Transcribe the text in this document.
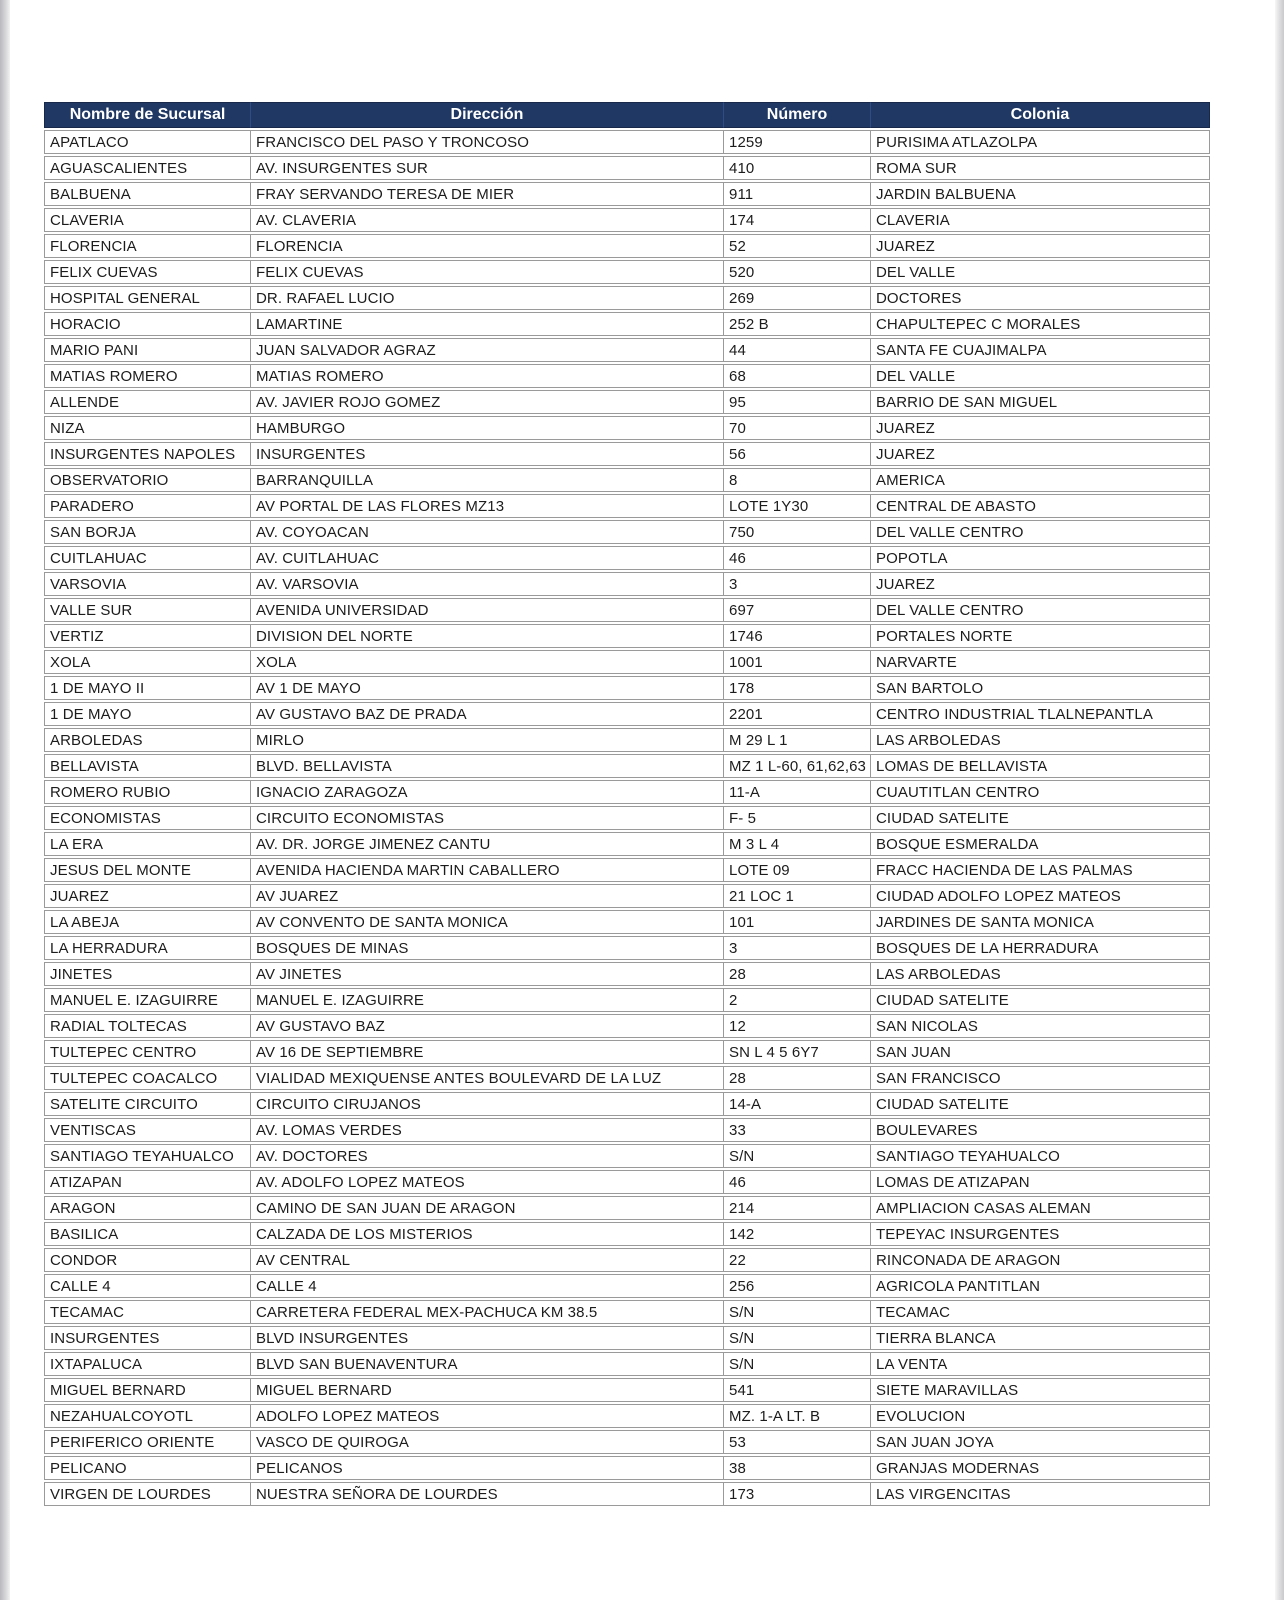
Nombre de Sucursal	Dirección	Número	Colonia
APATLACO	FRANCISCO DEL PASO Y TRONCOSO	1259	PURISIMA ATLAZOLPA
AGUASCALIENTES	AV. INSURGENTES SUR	410	ROMA SUR
BALBUENA	FRAY SERVANDO TERESA DE MIER	911	JARDIN BALBUENA
CLAVERIA	AV. CLAVERIA	174	CLAVERIA
FLORENCIA	FLORENCIA	52	JUAREZ
FELIX CUEVAS	FELIX CUEVAS	520	DEL VALLE
HOSPITAL GENERAL	DR. RAFAEL LUCIO	269	DOCTORES
HORACIO	LAMARTINE	252 B	CHAPULTEPEC C MORALES
MARIO PANI	JUAN SALVADOR AGRAZ	44	SANTA FE CUAJIMALPA
MATIAS ROMERO	MATIAS ROMERO	68	DEL VALLE
ALLENDE	AV. JAVIER ROJO GOMEZ	95	BARRIO DE SAN MIGUEL
NIZA	HAMBURGO	70	JUAREZ
INSURGENTES NAPOLES	INSURGENTES	56	JUAREZ
OBSERVATORIO	BARRANQUILLA	8	AMERICA
PARADERO	AV PORTAL DE LAS FLORES MZ13	LOTE 1Y30	CENTRAL DE ABASTO
SAN BORJA	AV. COYOACAN	750	DEL VALLE CENTRO
CUITLAHUAC	AV. CUITLAHUAC	46	POPOTLA
VARSOVIA	AV. VARSOVIA	3	JUAREZ
VALLE SUR	AVENIDA UNIVERSIDAD	697	DEL VALLE CENTRO
VERTIZ	DIVISION DEL NORTE	1746	PORTALES NORTE
XOLA	XOLA	1001	NARVARTE
1 DE MAYO II	AV 1 DE MAYO	178	SAN BARTOLO
1 DE MAYO	AV GUSTAVO BAZ DE PRADA	2201	CENTRO INDUSTRIAL TLALNEPANTLA
ARBOLEDAS	MIRLO	M 29 L 1	LAS ARBOLEDAS
BELLAVISTA	BLVD. BELLAVISTA	MZ 1 L-60, 61,62,63	LOMAS DE BELLAVISTA
ROMERO RUBIO	IGNACIO ZARAGOZA	11-A	CUAUTITLAN CENTRO
ECONOMISTAS	CIRCUITO ECONOMISTAS	F- 5	CIUDAD SATELITE
LA ERA	AV. DR. JORGE JIMENEZ CANTU	M 3 L 4	BOSQUE ESMERALDA
JESUS DEL MONTE	AVENIDA HACIENDA MARTIN CABALLERO	LOTE 09	FRACC HACIENDA DE LAS PALMAS
JUAREZ	AV JUAREZ	21 LOC 1	CIUDAD ADOLFO LOPEZ MATEOS
LA ABEJA	AV CONVENTO DE SANTA MONICA	101	JARDINES DE SANTA MONICA
LA HERRADURA	BOSQUES DE MINAS	3	BOSQUES DE LA HERRADURA
JINETES	AV JINETES	28	LAS ARBOLEDAS
MANUEL E. IZAGUIRRE	MANUEL E. IZAGUIRRE	2	CIUDAD SATELITE
RADIAL TOLTECAS	AV GUSTAVO BAZ	12	SAN NICOLAS
TULTEPEC CENTRO	AV 16 DE SEPTIEMBRE	SN L 4 5 6Y7	SAN JUAN
TULTEPEC COACALCO	VIALIDAD MEXIQUENSE ANTES BOULEVARD DE LA LUZ	28	SAN FRANCISCO
SATELITE CIRCUITO	CIRCUITO CIRUJANOS	14-A	CIUDAD SATELITE
VENTISCAS	AV. LOMAS VERDES	33	BOULEVARES
SANTIAGO TEYAHUALCO	AV. DOCTORES	S/N	SANTIAGO TEYAHUALCO
ATIZAPAN	AV. ADOLFO LOPEZ MATEOS	46	LOMAS DE ATIZAPAN
ARAGON	CAMINO DE SAN JUAN DE ARAGON	214	AMPLIACION CASAS ALEMAN
BASILICA	CALZADA DE LOS MISTERIOS	142	TEPEYAC INSURGENTES
CONDOR	AV CENTRAL	22	RINCONADA DE ARAGON
CALLE 4	CALLE 4	256	AGRICOLA PANTITLAN
TECAMAC	CARRETERA FEDERAL MEX-PACHUCA KM 38.5	S/N	TECAMAC
INSURGENTES	BLVD INSURGENTES	S/N	TIERRA BLANCA
IXTAPALUCA	BLVD SAN BUENAVENTURA	S/N	LA VENTA
MIGUEL BERNARD	MIGUEL BERNARD	541	SIETE MARAVILLAS
NEZAHUALCOYOTL	ADOLFO LOPEZ MATEOS	MZ. 1-A LT. B	EVOLUCION
PERIFERICO ORIENTE	VASCO DE QUIROGA	53	SAN JUAN JOYA
PELICANO	PELICANOS	38	GRANJAS MODERNAS
VIRGEN DE LOURDES	NUESTRA SEÑORA DE LOURDES	173	LAS VIRGENCITAS
